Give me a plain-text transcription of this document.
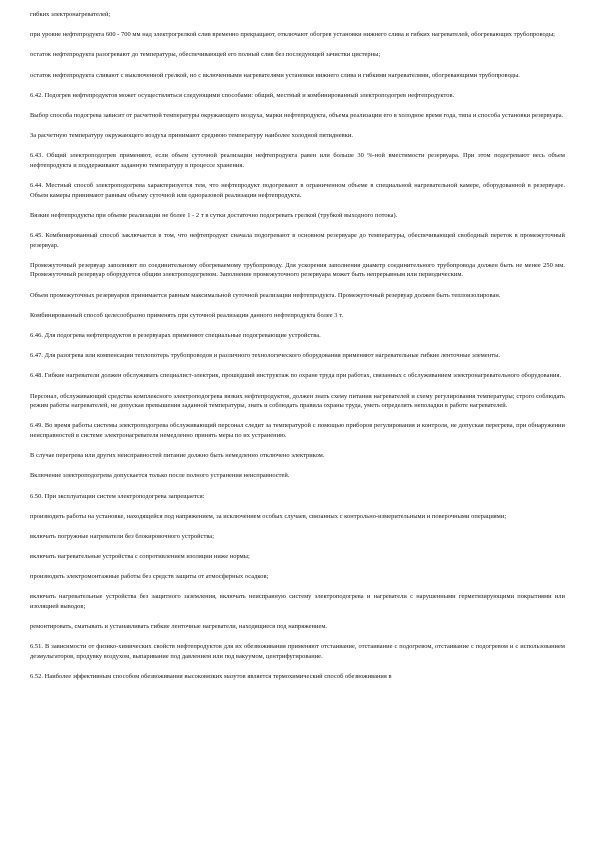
гибких электронагревателей;

при уровне нефтепродукта 600 - 700 мм над электрогрелкой слив временно прекращают, отключают обогрев установки нижнего слива и гибких нагревателей, обогревающих трубопроводы;

остаток нефтепродукта разогревают до температуры, обеспечивающей его полный слив без последующей зачистки цистерны;

остаток нефтепродукта сливают с выключенной грелкой, но с включенными нагревателями установки нижнего слива и гибкими нагревателями, обогревающими трубопроводы.

6.42. Подогрев нефтепродуктов может осуществляться следующими способами: общий, местный и комбинированный электроподогрев нефтепродуктов.

Выбор способа подогрева зависит от расчетной температуры окружающего воздуха, марки нефтепродукта, объема реализации его в холодное время года, типа и способа установки резервуара.

За расчетную температуру окружающего воздуха принимают среднюю температуру наиболее холодной пятидневки.

6.43. Общий электроподогрев применяют, если объем суточной реализации нефтепродукта равен или больше 30 %-ной вместимости резервуара. При этом подогревают весь объем нефтепродукта и поддерживают заданную температуру в процессе хранения.

6.44. Местный способ электроподогрева характеризуется тем, что нефтепродукт подогревают в ограниченном объеме в специальной нагревательной камере, оборудованной в резервуаре. Объем камеры принимают равным объему суточной или одноразовой реализации нефтепродукта.

Вязкие нефтепродукты при объеме реализации не более 1 - 2 т в сутки достаточно подогревать грелкой (трубкой выходного потока).

6.45. Комбинированный способ заключается в том, что нефтепродукт сначала подогревают в основном резервуаре до температуры, обеспечивающей свободный переток в промежуточный резервуар.

Промежуточный резервуар заполняют по соединительному обогреваемому трубопроводу. Для ускорения заполнения диаметр соединительного трубопровода должен быть не менее 250 мм. Промежуточный резервуар оборудуется общим электроподогревом. Заполнение промежуточного резервуара может быть непрерывным или периодическим.

Объем промежуточных резервуаров принимается равным максимальной суточной реализации нефтепродукта. Промежуточный резервуар должен быть теплоизолирован.

Комбинированный способ целесообразно применять при суточной реализации данного нефтепродукта более 3 т.

6.46. Для подогрева нефтепродуктов в резервуарах применяют специальные подогревающие устройства.

6.47. Для разогрева или компенсации теплопотерь трубопроводов и различного технологического оборудования применяют нагревательные гибкие ленточные элементы.

6.48. Гибкие нагреватели должен обслуживать специалист-электрик, прошедший инструктаж по охране труда при работах, связанных с обслуживанием электронагревательного оборудования.

Персонал, обслуживающий средства комплексного электроподогрева вязких нефтепродуктов, должен знать схему питания нагревателей и схему регулирования температуры; строго соблюдать режим работы нагревателей, не допуская превышения заданной температуры, знать и соблюдать правила охраны труда, уметь определять неполадки в работе нагревателей.

6.49. Во время работы системы электроподогрева обслуживающий персонал следит за температурой с помощью приборов регулирования и контроля, не допуская перегрева, при обнаружении неисправностей в системе электронагревателя немедленно принять меры по их устранению.

В случае перегрева или других неисправностей питание должно быть немедленно отключено электриком.

Включение электроподогрева допускается только после полного устранения неисправностей.

6.50. При эксплуатации систем электроподогрева запрещается:

производить работы на установке, находящейся под напряжением, за исключением особых случаев, связанных с контрольно-измерительными и поверочными операциями;

включать погружные нагреватели без блокировочного устройства;

включать нагревательные устройства с сопротивлением изоляции ниже нормы;

производить электромонтажные работы без средств защиты от атмосферных осадков;

включать нагревательные устройства без защитного заземления, включать неисправную систему электроподогрева и нагреватели с нарушенными герметизирующими покрытиями или изоляцией выводов;

ремонтировать, сматывать и устанавливать гибкие ленточные нагреватели, находящиеся под напряжением.

6.51. В зависимости от физико-химических свойств нефтепродуктов для их обезвоживания применяют отстаивание, отстаивание с подогревом, отстаивание с подогревом и с использованием деэмульгаторов, продувку воздухом, выпаривание под давлением или под вакуумом, центрифугирование.

6.52. Наиболее эффективным способом обезвоживания высоковязких мазутов является термохимический способ обезвоживания в
